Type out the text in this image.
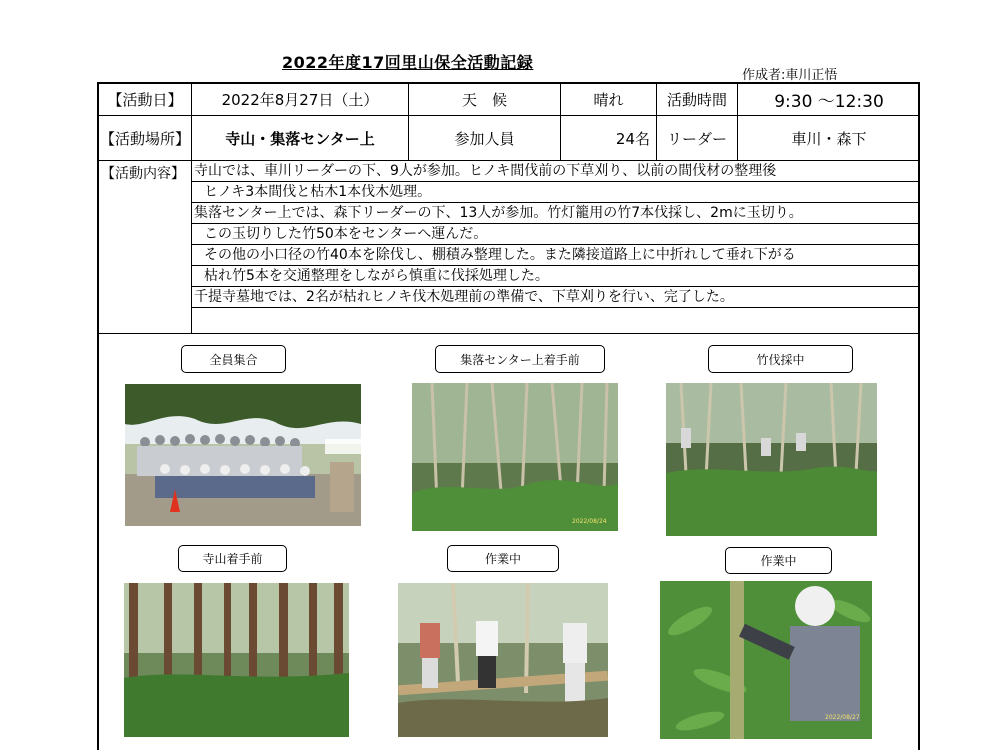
2022年度17回里山保全活動記録
作成者:車川正悟
【活動日】	2022年8月27日（土）	天　候	晴れ	活動時間	9:30 ～12:30
【活動場所】	寺山・集落センター上	参加人員	24名	リーダー	車川・森下
【活動内容】 寺山では、車川リーダーの下、9人が参加。ヒノキ間伐前の下草刈り、以前の間伐材の整理後
ヒノキ3本間伐と枯木1本伐木処理。
集落センター上では、森下リーダーの下、13人が参加。竹灯籠用の竹7本伐採し、2mに玉切り。
この玉切りした竹50本をセンターへ運んだ。
その他の小口径の竹40本を除伐し、棚積み整理した。また隣接道路上に中折れして垂れ下がる
枯れ竹5本を交通整理をしながら慎重に伐採処理した。
千提寺墓地では、2名が枯れヒノキ伐木処理前の準備で、下草刈りを行い、完了した。
全員集合	集落センター上着手前	竹伐採中
寺山着手前	作業中	作業中
2022/08/24
2022/08/27
